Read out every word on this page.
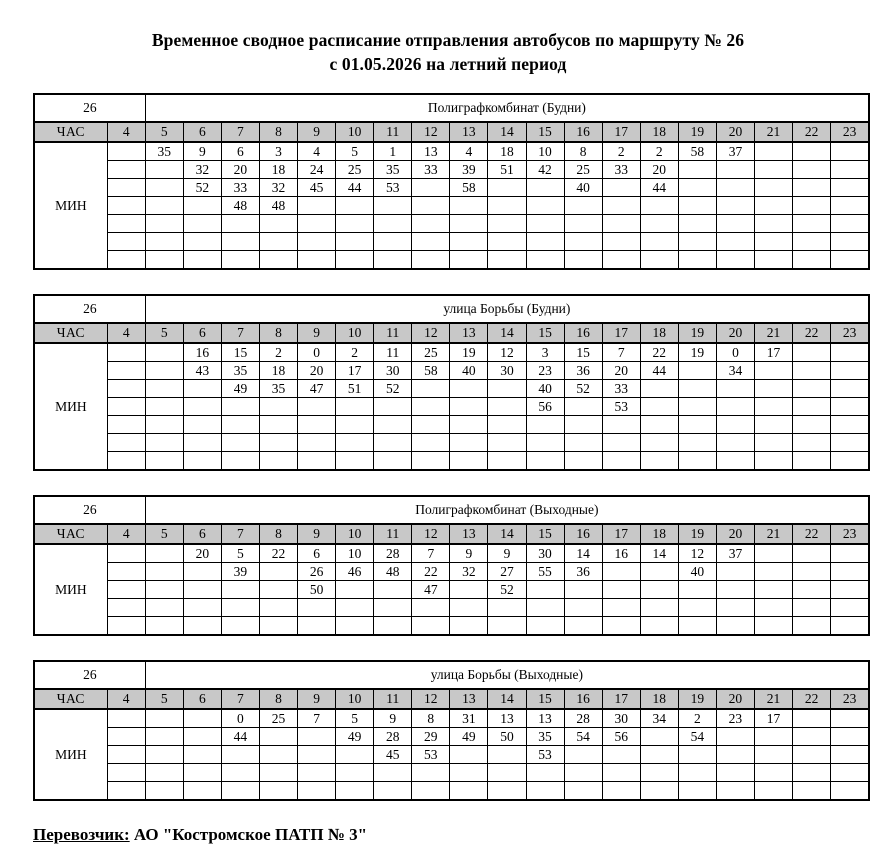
Временное сводное расписание отправления автобусов по маршруту № 26
с 01.05.2026 на летний период
26		Полиграфкомбинат (Будни)																		
ЧАС	4	5	6	7	8	9	10	11	12	13	14	15	16	17	18	19	20	21	22	23
МИН		35	9	6	3	4	5	1	13	4	18	10	8	2	2	58	37			
			32	20	18	24	25	35	33	39	51	42	25	33	20					
			52	33	32	45	44	53		58			40		44					
				48	48															

26		улица Борьбы (Будни)																		
ЧАС	4	5	6	7	8	9	10	11	12	13	14	15	16	17	18	19	20	21	22	23
МИН			16	15	2	0	2	11	25	19	12	3	15	7	22	19	0	17		
			43	35	18	20	17	30	58	40	30	23	36	20	44		34			
				49	35	47	51	52				40	52	33						
												56		53						

26		Полиграфкомбинат (Выходные)																		
ЧАС	4	5	6	7	8	9	10	11	12	13	14	15	16	17	18	19	20	21	22	23
МИН			20	5	22	6	10	28	7	9	9	30	14	16	14	12	37			
				39		26	46	48	22	32	27	55	36			40				
						50			47		52									

26		улица Борьбы (Выходные)																		
ЧАС	4	5	6	7	8	9	10	11	12	13	14	15	16	17	18	19	20	21	22	23
МИН				0	25	7	5	9	8	31	13	13	28	30	34	2	23	17		
				44			49	28	29	49	50	35	54	56		54				
								45	53			53								

Перевозчик: АО "Костромское ПАТП № 3"
